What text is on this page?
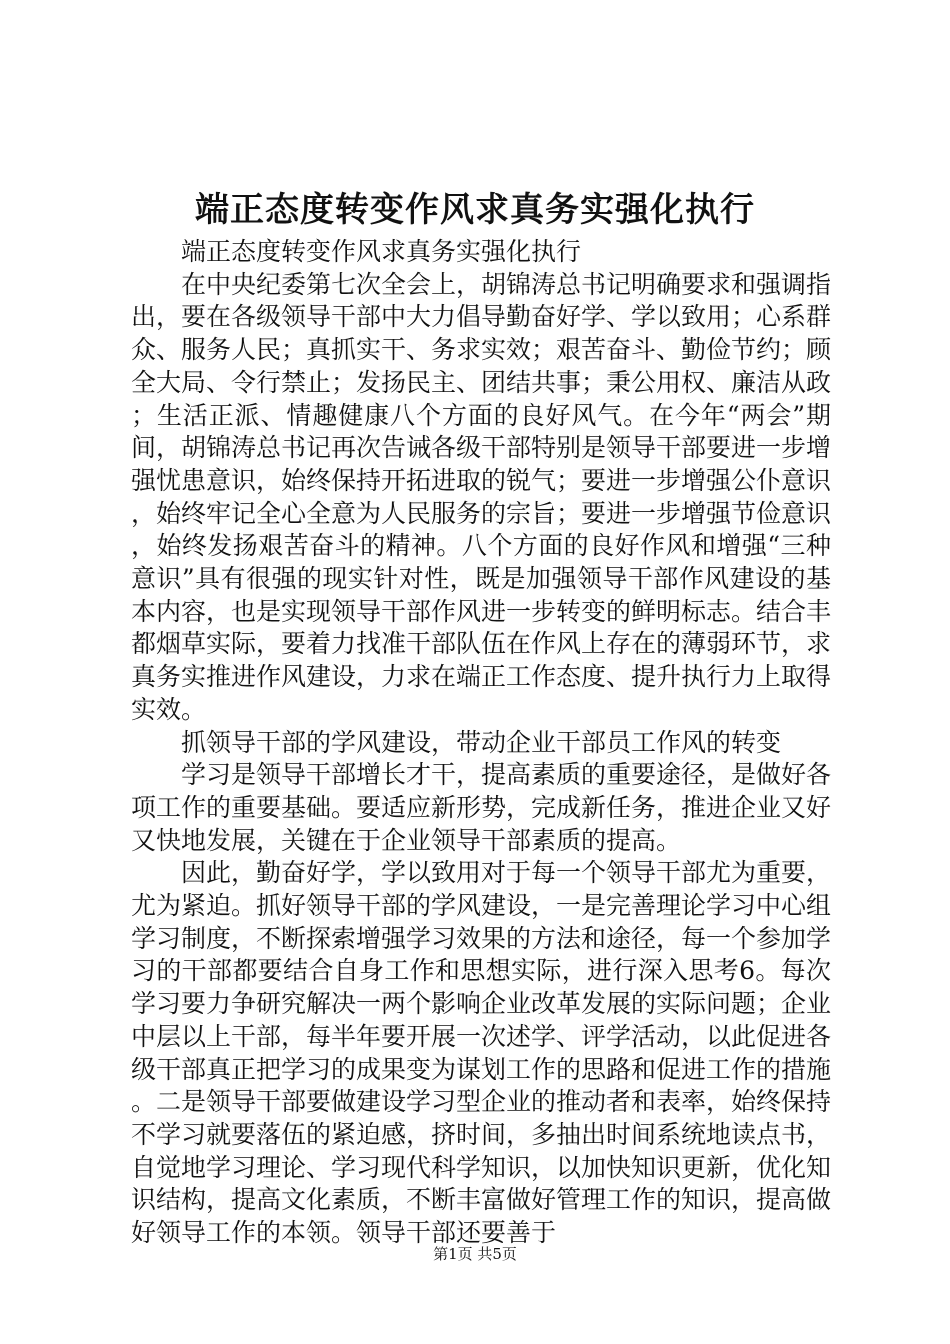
端正态度转变作风求真务实强化执行

端正态度转变作风求真务实强化执行

在中央纪委第七次全会上，胡锦涛总书记明确要求和强调指出，要在各级领导干部中大力倡导勤奋好学、学以致用；心系群众、服务人民；真抓实干、务求实效；艰苦奋斗、勤俭节约；顾全大局、令行禁止；发扬民主、团结共事；秉公用权、廉洁从政；生活正派、情趣健康八个方面的良好风气。在今年“两会”期间，胡锦涛总书记再次告诫各级干部特别是领导干部要进一步增强忧患意识，始终保持开拓进取的锐气；要进一步增强公仆意识，始终牢记全心全意为人民服务的宗旨；要进一步增强节俭意识，始终发扬艰苦奋斗的精神。八个方面的良好作风和增强“三种意识”具有很强的现实针对性，既是加强领导干部作风建设的基本内容，也是实现领导干部作风进一步转变的鲜明标志。结合丰都烟草实际，要着力找准干部队伍在作风上存在的薄弱环节，求真务实推进作风建设，力求在端正工作态度、提升执行力上取得实效。

抓领导干部的学风建设，带动企业干部员工作风的转变

学习是领导干部增长才干，提高素质的重要途径，是做好各项工作的重要基础。要适应新形势，完成新任务，推进企业又好又快地发展，关键在于企业领导干部素质的提高。

因此，勤奋好学，学以致用对于每一个领导干部尤为重要，尤为紧迫。抓好领导干部的学风建设，一是完善理论学习中心组学习制度，不断探索增强学习效果的方法和途径，每一个参加学习的干部都要结合自身工作和思想实际，进行深入思考6。每次学习要力争研究解决一两个影响企业改革发展的实际问题；企业中层以上干部，每半年要开展一次述学、评学活动，以此促进各级干部真正把学习的成果变为谋划工作的思路和促进工作的措施。二是领导干部要做建设学习型企业的推动者和表率，始终保持不学习就要落伍的紧迫感，挤时间，多抽出时间系统地读点书，自觉地学习理论、学习现代科学知识，以加快知识更新，优化知识结构，提高文化素质，不断丰富做好管理工作的知识，提高做好领导工作的本领。领导干部还要善于

第1页 共5页
